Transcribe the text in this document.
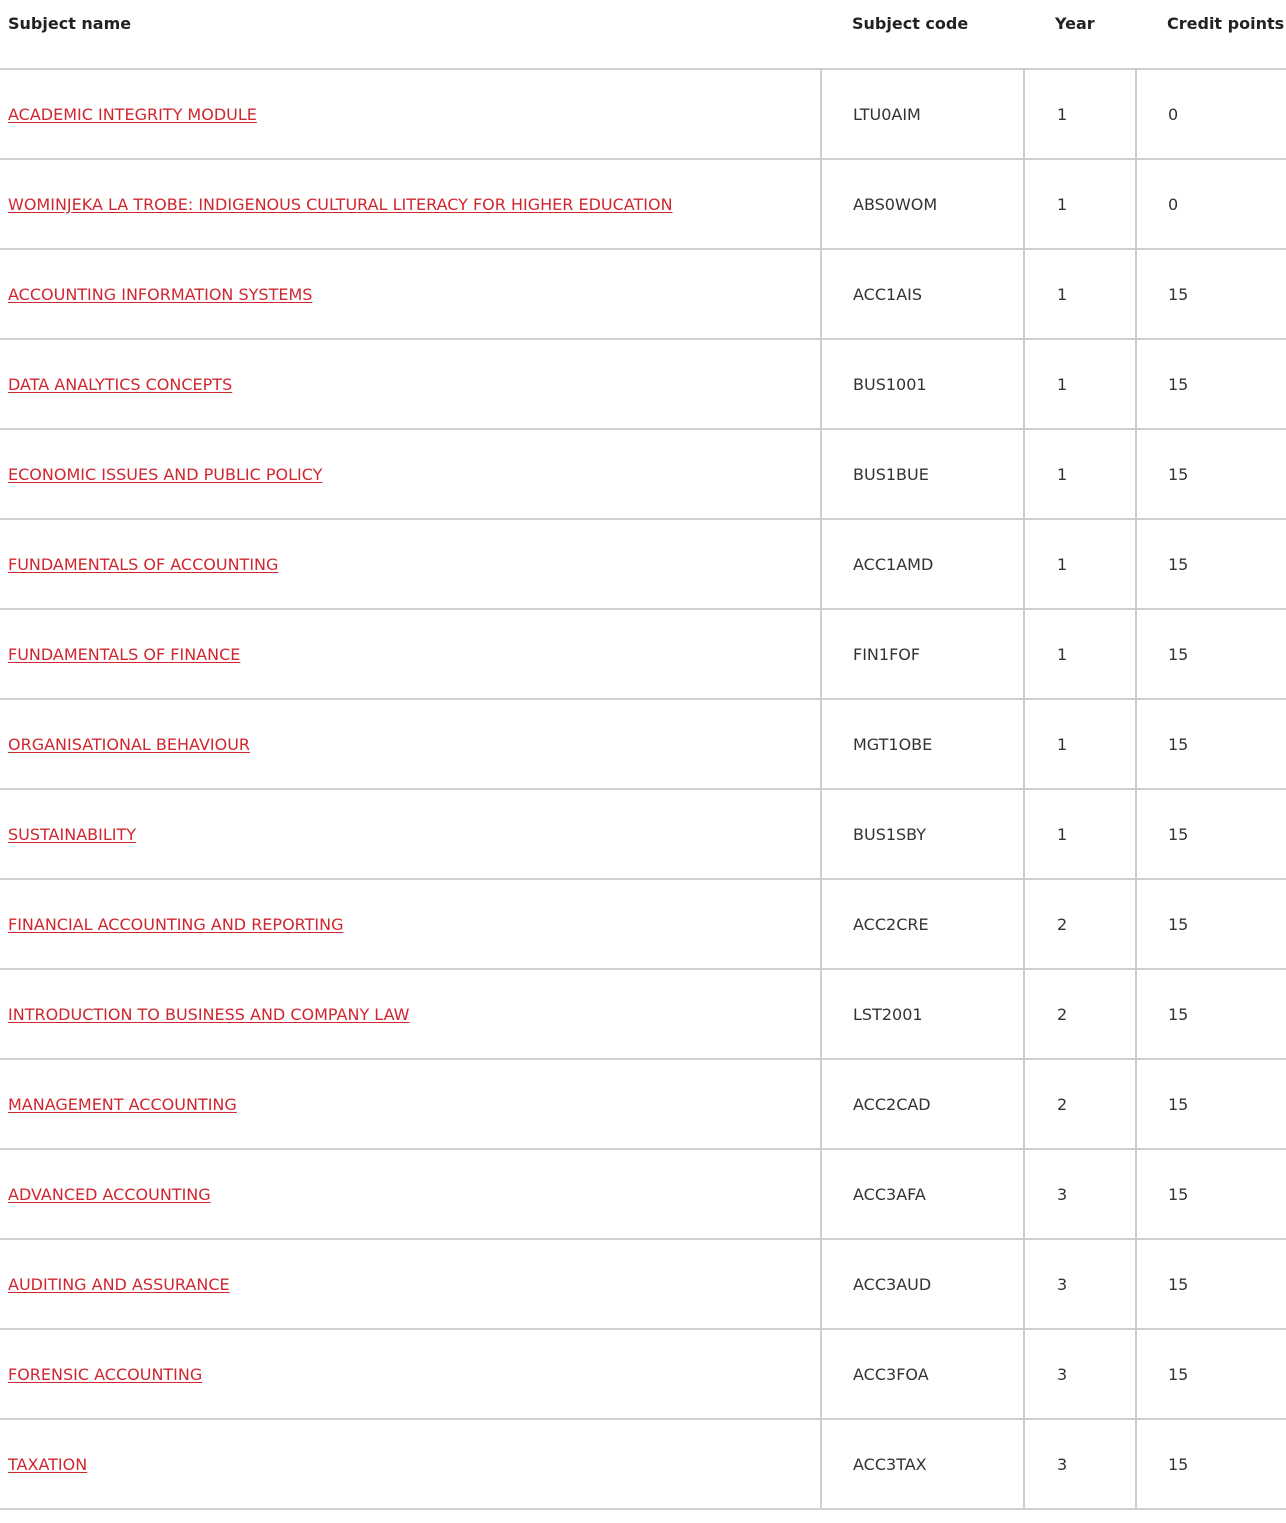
Subject name	Subject code	Year	Credit points
ACADEMIC INTEGRITY MODULE	LTU0AIM	1	0
WOMINJEKA LA TROBE: INDIGENOUS CULTURAL LITERACY FOR HIGHER EDUCATION	ABS0WOM	1	0
ACCOUNTING INFORMATION SYSTEMS	ACC1AIS	1	15
DATA ANALYTICS CONCEPTS	BUS1001	1	15
ECONOMIC ISSUES AND PUBLIC POLICY	BUS1BUE	1	15
FUNDAMENTALS OF ACCOUNTING	ACC1AMD	1	15
FUNDAMENTALS OF FINANCE	FIN1FOF	1	15
ORGANISATIONAL BEHAVIOUR	MGT1OBE	1	15
SUSTAINABILITY	BUS1SBY	1	15
FINANCIAL ACCOUNTING AND REPORTING	ACC2CRE	2	15
INTRODUCTION TO BUSINESS AND COMPANY LAW	LST2001	2	15
MANAGEMENT ACCOUNTING	ACC2CAD	2	15
ADVANCED ACCOUNTING	ACC3AFA	3	15
AUDITING AND ASSURANCE	ACC3AUD	3	15
FORENSIC ACCOUNTING	ACC3FOA	3	15
TAXATION	ACC3TAX	3	15
